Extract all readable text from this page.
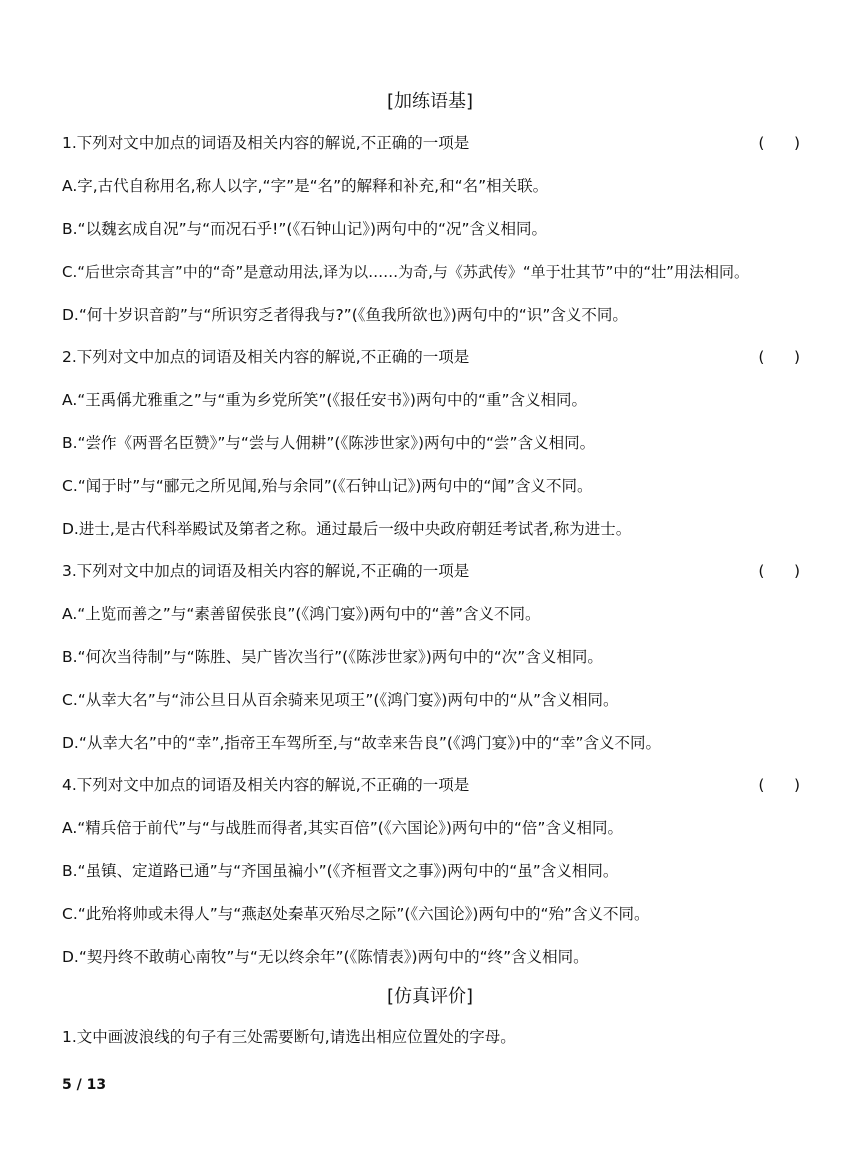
[加练语基]
1.下列对文中加点的词语及相关内容的解说,不正确的一项是	(      )
A.字,古代自称用名,称人以字,“字”是“名”的解释和补充,和“名”相关联。
B.“以魏玄成自况”与“而况石乎!”(《石钟山记》)两句中的“况”含义相同。
C.“后世宗奇其言”中的“奇”是意动用法,译为以……为奇,与《苏武传》“单于壮其节”中的“壮”用法相同。
D.“何十岁识音韵”与“所识穷乏者得我与?”(《鱼我所欲也》)两句中的“识”含义不同。
2.下列对文中加点的词语及相关内容的解说,不正确的一项是	(      )
A.“王禹偁尤雅重之”与“重为乡党所笑”(《报任安书》)两句中的“重”含义相同。
B.“尝作《两晋名臣赞》”与“尝与人佣耕”(《陈涉世家》)两句中的“尝”含义相同。
C.“闻于时”与“郦元之所见闻,殆与余同”(《石钟山记》)两句中的“闻”含义不同。
D.进士,是古代科举殿试及第者之称。通过最后一级中央政府朝廷考试者,称为进士。
3.下列对文中加点的词语及相关内容的解说,不正确的一项是	(      )
A.“上览而善之”与“素善留侯张良”(《鸿门宴》)两句中的“善”含义不同。
B.“何次当待制”与“陈胜、吴广皆次当行”(《陈涉世家》)两句中的“次”含义相同。
C.“从幸大名”与“沛公旦日从百余骑来见项王”(《鸿门宴》)两句中的“从”含义相同。
D.“从幸大名”中的“幸”,指帝王车驾所至,与“故幸来告良”(《鸿门宴》)中的“幸”含义不同。
4.下列对文中加点的词语及相关内容的解说,不正确的一项是	(      )
A.“精兵倍于前代”与“与战胜而得者,其实百倍”(《六国论》)两句中的“倍”含义相同。
B.“虽镇、定道路已通”与“齐国虽褊小”(《齐桓晋文之事》)两句中的“虽”含义相同。
C.“此殆将帅或未得人”与“燕赵处秦革灭殆尽之际”(《六国论》)两句中的“殆”含义不同。
D.“契丹终不敢萌心南牧”与“无以终余年”(《陈情表》)两句中的“终”含义相同。
[仿真评价]
1.文中画波浪线的句子有三处需要断句,请选出相应位置处的字母。
5 / 13
